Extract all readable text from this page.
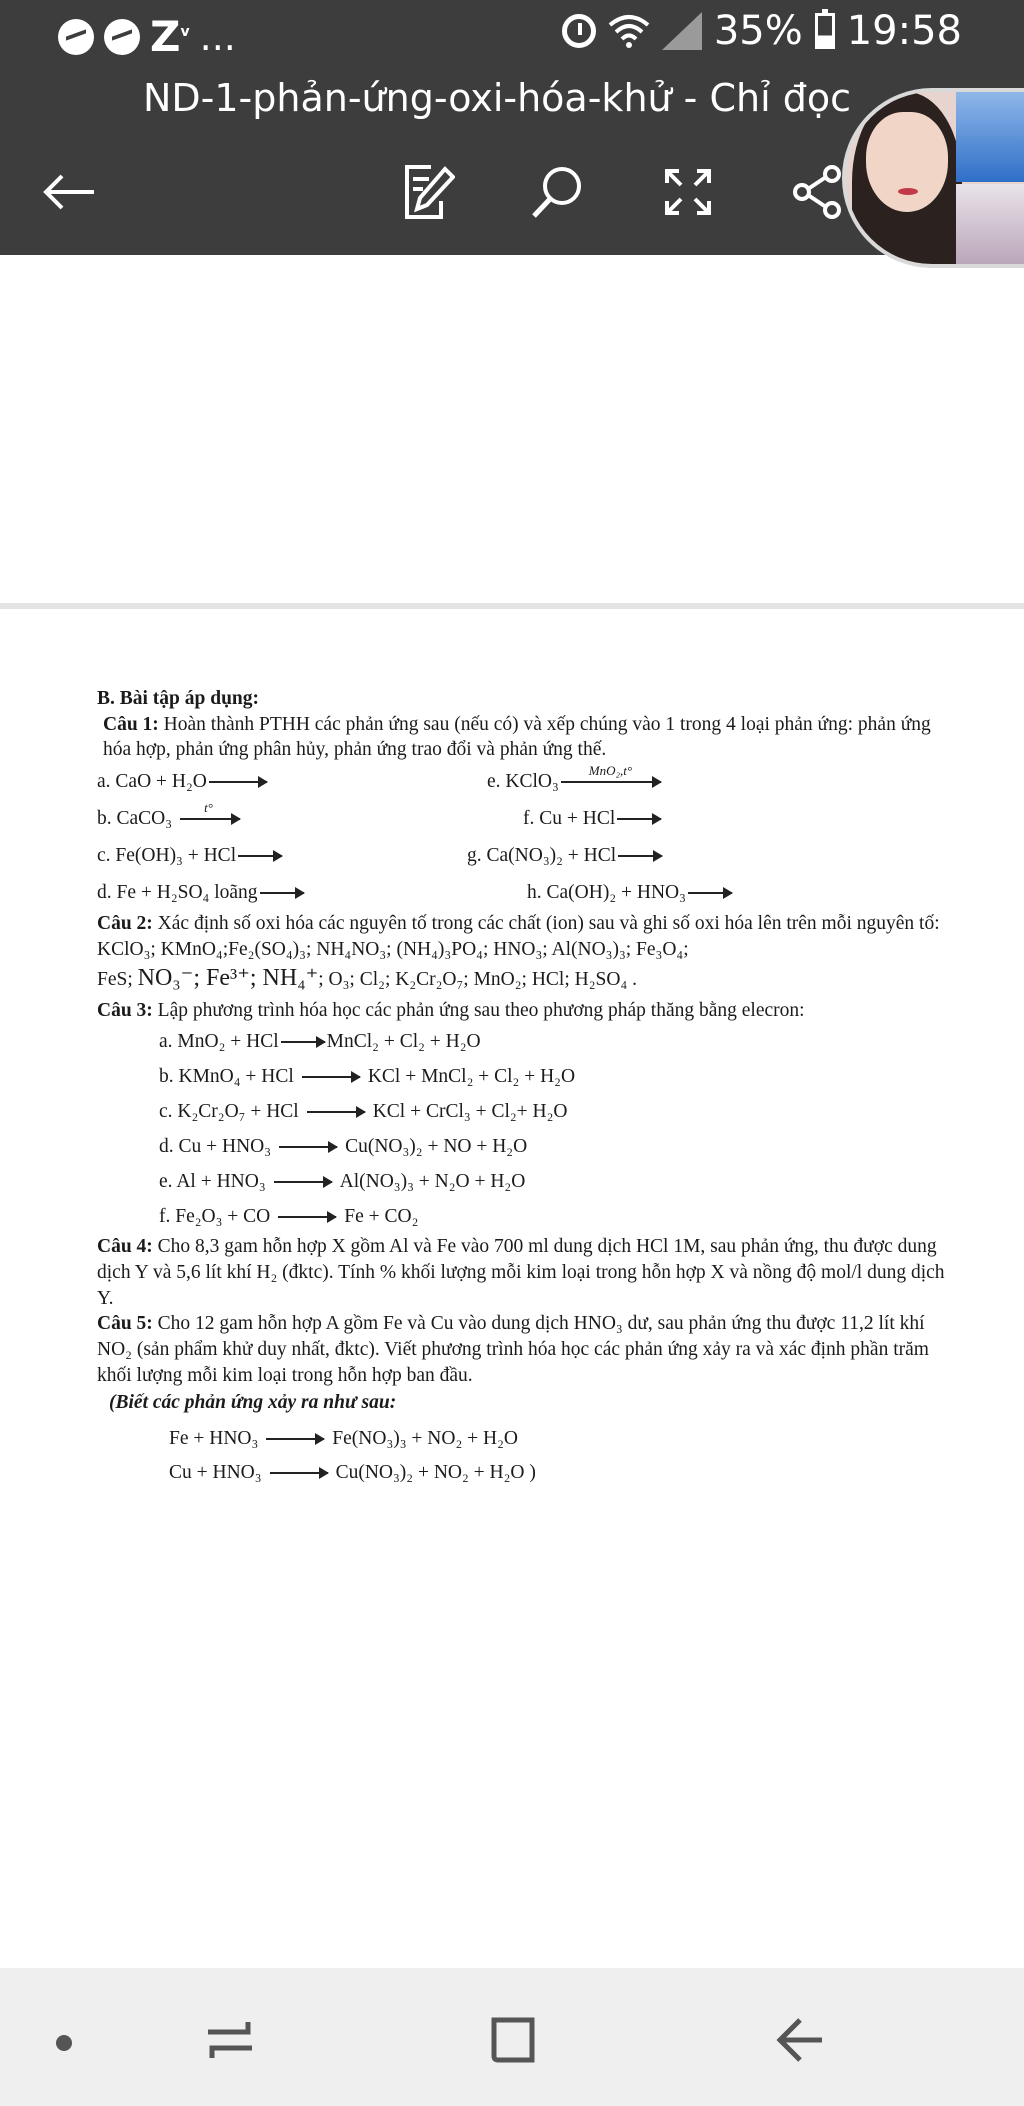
$Z^v$ ...	35% 19:58
ND-1-phản-ứng-oxi-hóa-khử - Chỉ đọc
B. Bài tập áp dụng:
Câu 1: Hoàn thành PTHH các phản ứng sau (nếu có) và xếp chúng vào 1 trong 4 loại phản ứng: phản ứng hóa hợp, phản ứng phân hủy, phản ứng trao đổi và phản ứng thế.
a. CaO + H₂O	e. KClO₃ MnO₂,t°
b. CaCO₃ t°	f. Cu + HCl
c. Fe(OH)₃ + HCl	g. Ca(NO₃)₂ + HCl
d. Fe + H₂SO₄ loãng	h. Ca(OH)₂ + HNO₃
Câu 2: Xác định số oxi hóa các nguyên tố trong các chất (ion) sau và ghi số oxi hóa lên trên mỗi nguyên tố: KClO₃; KMnO₄;Fe₂(SO₄)₃; NH₄NO₃; (NH₄)₃PO₄; HNO₃; Al(NO₃)₃; Fe₃O₄;
FeS; NO₃⁻; Fe³⁺; NH₄⁺; O₃; Cl₂; K₂Cr₂O₇; MnO₂; HCl; H₂SO₄ .
Câu 3: Lập phương trình hóa học các phản ứng sau theo phương pháp thăng bằng elecron:
a. MnO₂ + HCl MnCl₂ + Cl₂ + H₂O
b. KMnO₄ + HCl	KCl + MnCl₂ + Cl₂ + H₂O
c. K₂Cr₂O₇ + HCl	KCl + CrCl₃ + Cl₂+ H₂O
d. Cu + HNO₃	Cu(NO₃)₂ + NO + H₂O
e. Al + HNO₃	Al(NO₃)₃ + N₂O + H₂O
f. Fe₂O₃ + CO	Fe + CO₂
Câu 4: Cho 8,3 gam hỗn hợp X gồm Al và Fe vào 700 ml dung dịch HCl 1M, sau phản ứng, thu được dung dịch Y và 5,6 lít khí H₂ (đktc). Tính % khối lượng mỗi kim loại trong hỗn hợp X và nồng độ mol/l dung dịch Y.
Câu 5: Cho 12 gam hỗn hợp A gồm Fe và Cu vào dung dịch HNO₃ dư, sau phản ứng thu được 11,2 lít khí NO₂ (sản phẩm khử duy nhất, đktc). Viết phương trình hóa học các phản ứng xảy ra và xác định phần trăm khối lượng mỗi kim loại trong hỗn hợp ban đầu.
(Biết các phản ứng xảy ra như sau:
Fe + HNO₃	Fe(NO₃)₃ + NO₂ + H₂O
Cu + HNO₃	Cu(NO₃)₂ + NO₂ + H₂O )
